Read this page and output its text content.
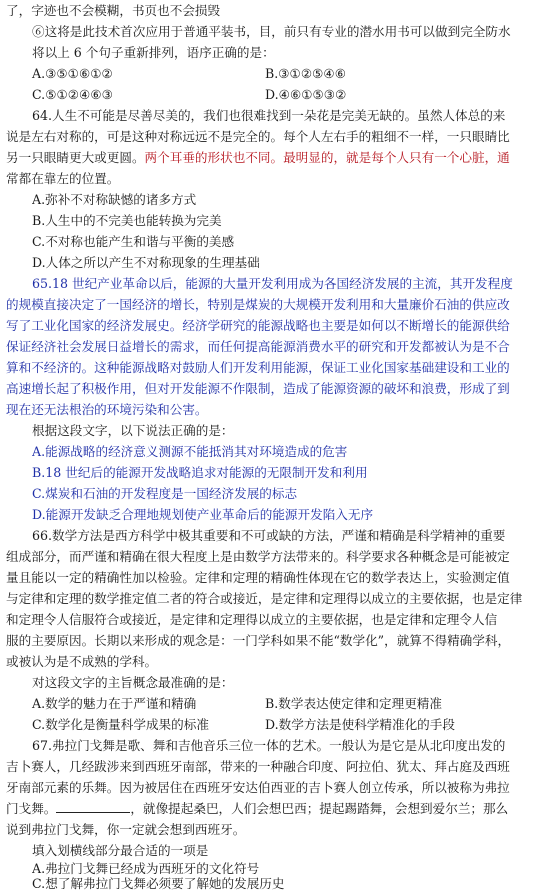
了，字迹也不会模糊，书页也不会损毁
⑥这将是此技术首次应用于普通平装书，目，前只有专业的潜水用书可以做到完全防水
将以上 6 个句子重新排列，语序正确的是：
A.③⑤①⑥①②	B.③①②⑤④⑥
C.⑤①②④⑥③	D.④⑥①⑤③②
64.人生不可能是尽善尽美的，我们也很难找到一朵花是完美无缺的。虽然人体总的来
说是左右对称的，可是这种对称远远不是完全的。每个人左右手的粗细不一样，一只眼睛比
另一只眼睛更大或更圆。两个耳垂的形状也不同。最明显的，就是每个人只有一个心脏，通
常都在靠左的位置。
A.弥补不对称缺憾的诸多方式
B.人生中的不完美也能转换为完美
C.不对称也能产生和谐与平衡的美感
D.人体之所以产生不对称现象的生理基础
65.18 世纪产业革命以后，能源的大量开发利用成为各国经济发展的主流，其开发程度
的规模直接决定了一国经济的增长，特别是煤炭的大规模开发利用和大量廉价石油的供应改
写了工业化国家的经济发展史。经济学研究的能源战略也主要是如何以不断增长的能源供给
保证经济社会发展日益增长的需求，而任何提高能源消费水平的研究和开发都被认为是不合
算和不经济的。这种能源战略对鼓励人们开发利用能源，保证工业化国家基础建设和工业的
高速增长起了积极作用，但对开发能源不作限制，造成了能源资源的破坏和浪费，形成了到
现在还无法根治的环境污染和公害。
根据这段文字，以下说法正确的是：
A.能源战略的经济意义测源不能抵消其对环境造成的危害
B.18 世纪后的能源开发战略追求对能源的无限制开发和利用
C.煤炭和石油的开发程度是一国经济发展的标志
D.能源开发缺乏合理地规划使产业革命后的能源开发陷入无序
66.数学方法是西方科学中极其重要和不可或缺的方法，严谨和精确是科学精神的重要
组成部分，而严谨和精确在很大程度上是由数学方法带来的。科学要求各种概念是可能被定
量且能以一定的精确性加以检验。定律和定理的精确性体现在它的数学表达上，实验测定值
与定律和定理的数学推定值二者的符合或接近，是定律和定理得以成立的主要依据，也是定律
和定理令人信服符合或接近，是定律和定理得以成立的主要依据，也是定律和定理令人信
服的主要原因。长期以来形成的观念是：一门学科如果不能“数学化”，就算不得精确学科，
或被认为是不成熟的学科。
对这段文字的主旨概念最准确的是：
A.数学的魅力在于严谨和精确	B.数学表达使定律和定理更精准
C.数学化是衡量科学成果的标准	D.数学方法是使科学精准化的手段
67.弗拉门戈舞是歌、舞和吉他音乐三位一体的艺术。一般认为是它是从北印度出发的
吉卜赛人，几经跋涉来到西班牙南部，带来的一种融合印度、阿拉伯、犹太、拜占庭及西班
牙南部元素的乐舞。因为被居住在西班牙安达伯西亚的吉卜赛人创立传承，所以被称为弗拉
门戈舞。	，就像提起桑巴，人们会想巴西；提起踢踏舞，会想到爱尔兰；那么
说到弗拉门戈舞，你一定就会想到西班牙。
填入划横线部分最合适的一项是
A.弗拉门戈舞已经成为西班牙的文化符号
C.想了解弗拉门戈舞必须要了解她的发展历史
